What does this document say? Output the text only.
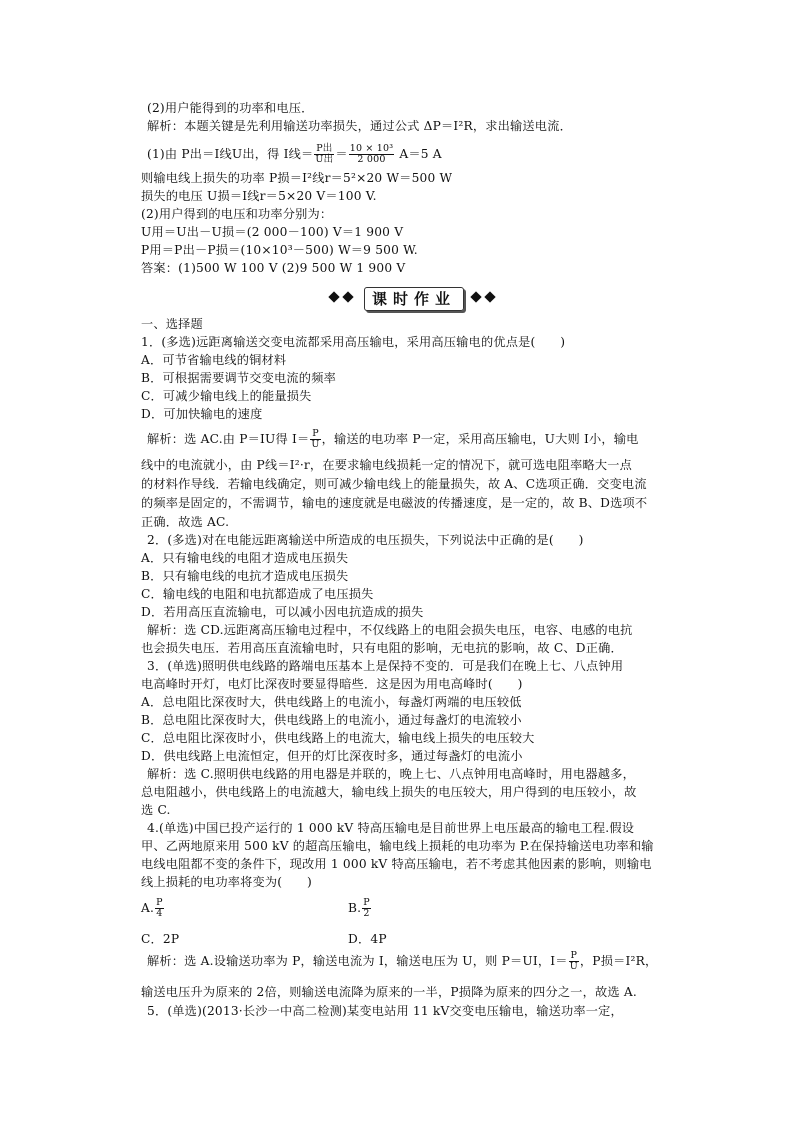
(2)用户能得到的功率和电压．
解析：本题关键是先利用输送功率损失，通过公式 ΔP＝I²R，求出输送电流．
(1)由 P出＝I线U出，得 I线＝ $\frac{\text{P出}}{\text{U出}} = \frac{\text{10 × 10³}}{2 000} A=5$ A
则输电线上损失的功率 P损＝I²线r＝5²×20 W＝500 W
损失的电压 U损＝I线r＝5×20 V＝100 V.
(2)用户得到的电压和功率分别为：
U用＝U出－U损＝(2 000－100) V＝1 900 V
P用＝P出－P损＝(10×10³－500) W＝9 500 W.
答案：(1)500 W 100 V (2)9 500 W 1 900 V
课时作业
一、选择题
1．(多选)远距离输送交变电流都采用高压输电，采用高压输电的优点是(　　)
A．可节省输电线的铜材料
B．可根据需要调节交变电流的频率
C．可减少输电线上的能量损失
D．可加快输电的速度
解析：选 AC.由 P＝IU得 $I= \frac{P}{U}$ ，输送的电功率 P一定，采用高压输电，U大则 I小，输电
线中的电流就小，由 P线＝I²·r，在要求输电线损耗一定的情况下，就可选电阻率略大一点
的材料作导线．若输电线确定，则可减少输电线上的能量损失，故 A、C选项正确．交变电流
的频率是固定的，不需调节，输电的速度就是电磁波的传播速度，是一定的，故 B、D选项不
正确．故选 AC.
2．(多选)对在电能远距离输送中所造成的电压损失，下列说法中正确的是(　　)
A．只有输电线的电阻才造成电压损失
B．只有输电线的电抗才造成电压损失
C．输电线的电阻和电抗都造成了电压损失
D．若用高压直流输电，可以减小因电抗造成的损失
解析：选 CD.远距离高压输电过程中，不仅线路上的电阻会损失电压，电容、电感的电抗
也会损失电压．若用高压直流输电时，只有电阻的影响，无电抗的影响，故 C、D正确．
3．(单选)照明供电线路的路端电压基本上是保持不变的．可是我们在晚上七、八点钟用
电高峰时开灯，电灯比深夜时要显得暗些．这是因为用电高峰时(　　)
A．总电阻比深夜时大，供电线路上的电流小，每盏灯两端的电压较低
B．总电阻比深夜时大，供电线路上的电流小，通过每盏灯的电流较小
C．总电阻比深夜时小，供电线路上的电流大，输电线上损失的电压较大
D．供电线路上电流恒定，但开的灯比深夜时多，通过每盏灯的电流小
解析：选 C.照明供电线路的用电器是并联的，晚上七、八点钟用电高峰时，用电器越多，
总电阻越小，供电线路上的电流越大，输电线上损失的电压较大，用户得到的电压较小，故
选 C.
4.(单选)中国已投产运行的 1 000 kV 特高压输电是目前世界上电压最高的输电工程.假设
甲、乙两地原来用 500 kV 的超高压输电，输电线上损耗的电功率为 P.在保持输送电功率和输
电线电阻都不变的条件下，现改用 1 000 kV 特高压输电，若不考虑其他因素的影响，则输电
线上损耗的电功率将变为(　　)
A. $\frac{P}{4}$	B. $\frac{P}{2}$
C．2P	D．4P
解析：选 A.设输送功率为 P，输送电流为 I，输送电压为 U，则 P＝UI，$I= \frac{P}{U}$ ，P损＝I²R，
输送电压升为原来的 2倍，则输送电流降为原来的一半，P损降为原来的四分之一，故选 A.
5．(单选)(2013·长沙一中高二检测)某变电站用 11 kV交变电压输电，输送功率一定，
